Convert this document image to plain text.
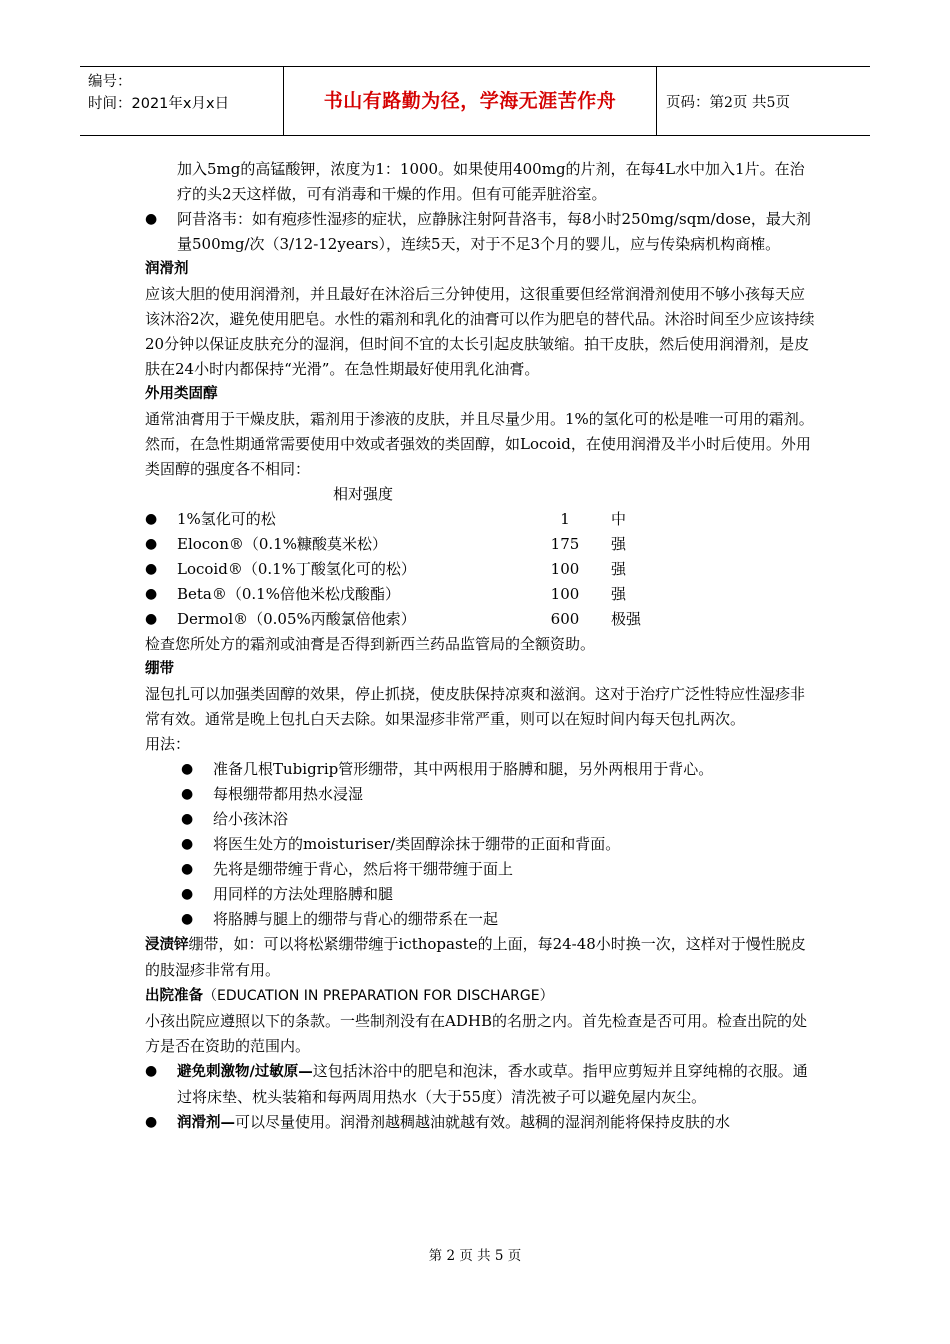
编号：
时间：2021年x月x日	书山有路勤为径，学海无涯苦作舟	页码：第2页 共5页

加入5mg的高锰酸钾，浓度为1：1000。如果使用400mg的片剂，在每4L水中加入1片。在治疗的头2天这样做，可有消毒和干燥的作用。但有可能弄脏浴室。

● 阿昔洛韦：如有疱疹性湿疹的症状，应静脉注射阿昔洛韦，每8小时250mg/sqm/dose，最大剂量500mg/次（3/12-12years），连续5天，对于不足3个月的婴儿，应与传染病机构商榷。

润滑剂

应该大胆的使用润滑剂，并且最好在沐浴后三分钟使用，这很重要但经常润滑剂使用不够小孩每天应该沐浴2次，避免使用肥皂。水性的霜剂和乳化的油膏可以作为肥皂的替代品。沐浴时间至少应该持续20分钟以保证皮肤充分的湿润，但时间不宜的太长引起皮肤皱缩。拍干皮肤，然后使用润滑剂，是皮肤在24小时内都保持“光滑”。在急性期最好使用乳化油膏。

外用类固醇

通常油膏用于干燥皮肤，霜剂用于渗液的皮肤，并且尽量少用。1%的氢化可的松是唯一可用的霜剂。然而，在急性期通常需要使用中效或者强效的类固醇，如Locoid，在使用润滑及半小时后使用。外用类固醇的强度各不相同：

相对强度

● 1%氢化可的松	1	中
● Elocon®（0.1%糠酸莫米松）	175	强
● Locoid®（0.1%丁酸氢化可的松）	100	强
● Beta®（0.1%倍他米松戊酸酯）	100	强
● Dermol®（0.05%丙酸氯倍他索）	600	极强

检查您所处方的霜剂或油膏是否得到新西兰药品监管局的全额资助。

绷带

湿包扎可以加强类固醇的效果，停止抓挠，使皮肤保持凉爽和滋润。这对于治疗广泛性特应性湿疹非常有效。通常是晚上包扎白天去除。如果湿疹非常严重，则可以在短时间内每天包扎两次。

用法：

● 准备几根Tubigrip管形绷带，其中两根用于胳膊和腿，另外两根用于背心。

● 每根绷带都用热水浸湿

● 给小孩沐浴

● 将医生处方的moisturiser/类固醇涂抹于绷带的正面和背面。

● 先将是绷带缠于背心，然后将干绷带缠于面上

● 用同样的方法处理胳膊和腿

● 将胳膊与腿上的绷带与背心的绷带系在一起

浸渍锌绷带，如：可以将松紧绷带缠于icthopaste的上面，每24-48小时换一次，这样对于慢性脱皮的肢湿疹非常有用。

出院准备（EDUCATION IN PREPARATION FOR DISCHARGE）

小孩出院应遵照以下的条款。一些制剂没有在ADHB的名册之内。首先检查是否可用。检查出院的处方是否在资助的范围内。

● 避免刺激物/过敏原—这包括沐浴中的肥皂和泡沫，香水或草。指甲应剪短并且穿纯棉的衣服。通过将床垫、枕头装箱和每两周用热水（大于55度）清洗被子可以避免屋内灰尘。

● 润滑剂—可以尽量使用。润滑剂越稠越油就越有效。越稠的湿润剂能将保持皮肤的水

第 2 页 共 5 页
